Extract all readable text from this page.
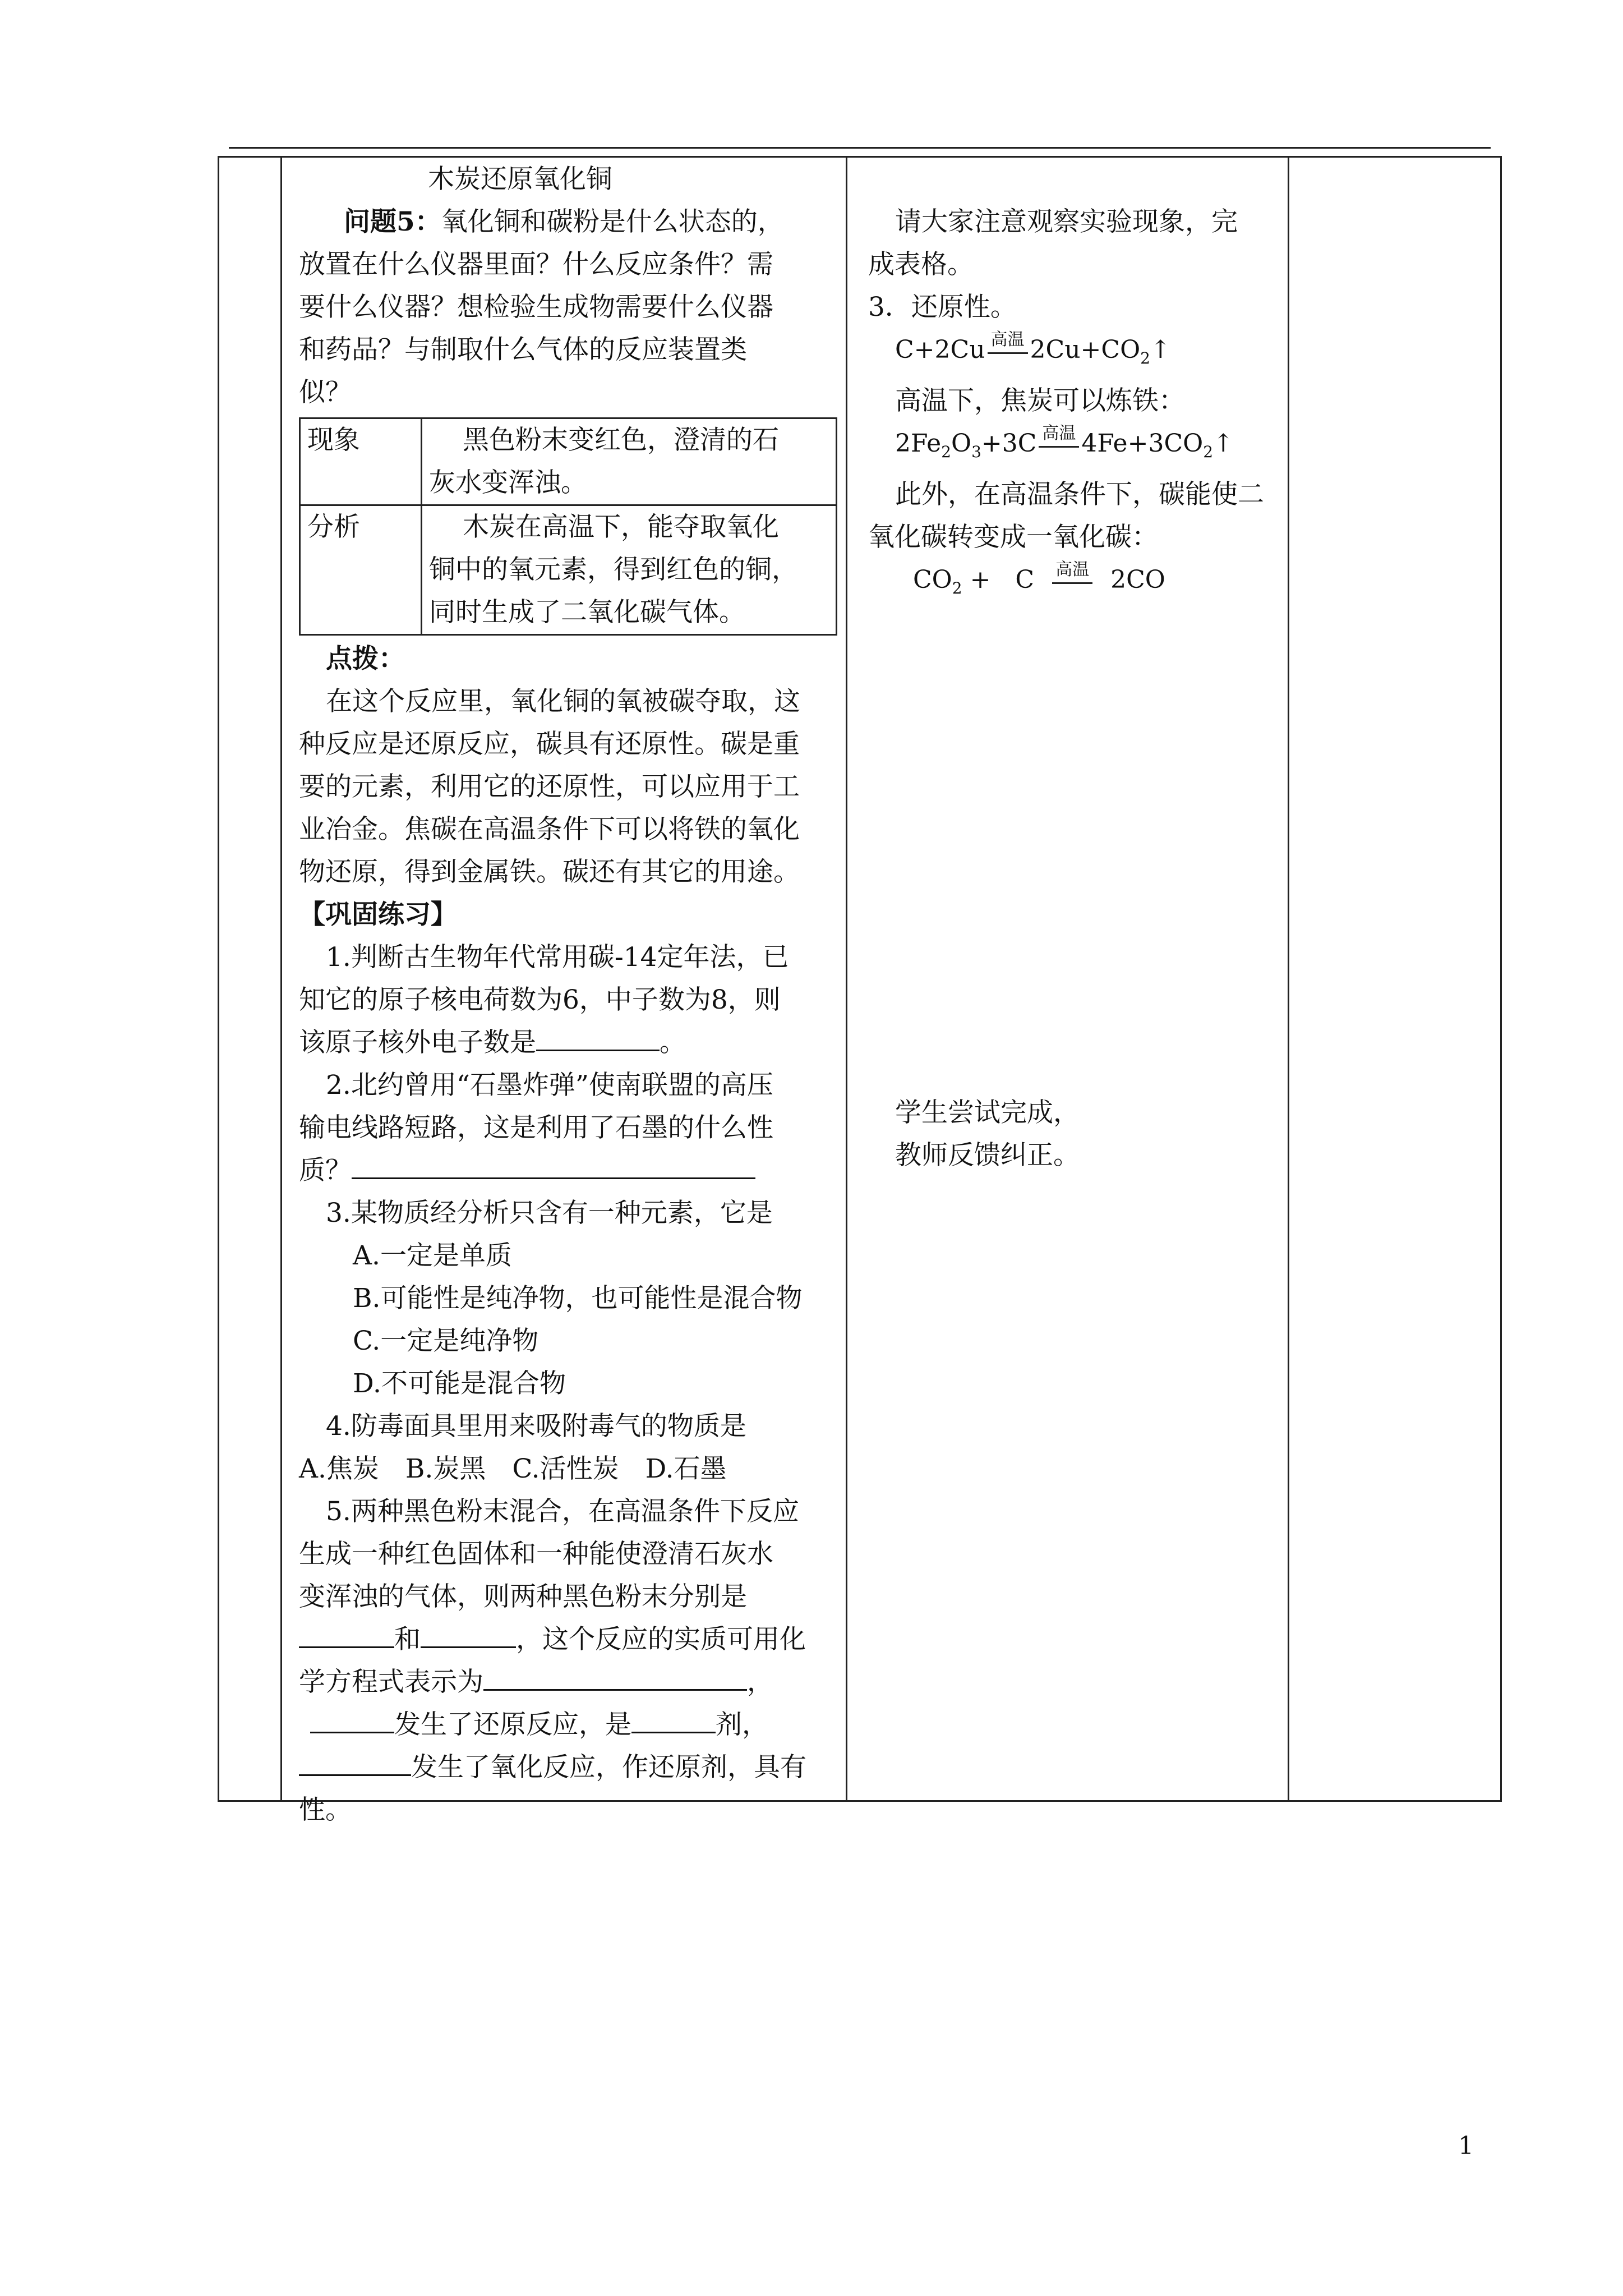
木炭还原氧化铜

问题5：氧化铜和碳粉是什么状态的，

放置在什么仪器里面？什么反应条件？需

要什么仪器？想检验生成物需要什么仪器

和药品？与制取什么气体的反应装置类

似？

现象	黑色粉末变红色，澄清的石
灰水变浑浊。

分析	木炭在高温下，能夺取氧化
铜中的氧元素，得到红色的铜，
同时生成了二氧化碳气体。

点拨：

在这个反应里，氧化铜的氧被碳夺取，这

种反应是还原反应，碳具有还原性。碳是重

要的元素，利用它的还原性，可以应用于工

业冶金。焦碳在高温条件下可以将铁的氧化

物还原，得到金属铁。碳还有其它的用途。

【巩固练习】

1.判断古生物年代常用碳-14定年法，已

知它的原子核电荷数为6，中子数为8，则

该原子核外电子数是	。

2.北约曾用“石墨炸弹”使南联盟的高压

输电线路短路，这是利用了石墨的什么性

质？

3.某物质经分析只含有一种元素，它是

A.一定是单质

B.可能性是纯净物，也可能性是混合物

C.一定是纯净物

D.不可能是混合物

4.防毒面具里用来吸附毒气的物质是

A.焦炭　B.炭黑　C.活性炭　D.石墨

5.两种黑色粉末混合，在高温条件下反应

生成一种红色固体和一种能使澄清石灰水

变浑浊的气体，则两种黑色粉末分别是

和	，这个反应的实质可用化

学方程式表示为	，

发生了还原反应，是	剂，

发生了氧化反应，作还原剂，具有

性。

请大家注意观察实验现象，完

成表格。

3．还原性。

C+2Cu 高温 $2Cu+CO_2↑$

高温下，焦炭可以炼铁：

$2Fe_2O_3+3C$ 高温 $4Fe+3CO_2↑$

此外，在高温条件下，碳能使二

氧化碳转变成一氧化碳：

$CO_2$ +　C 高温 2CO

学生尝试完成，

教师反馈纠正。

1
